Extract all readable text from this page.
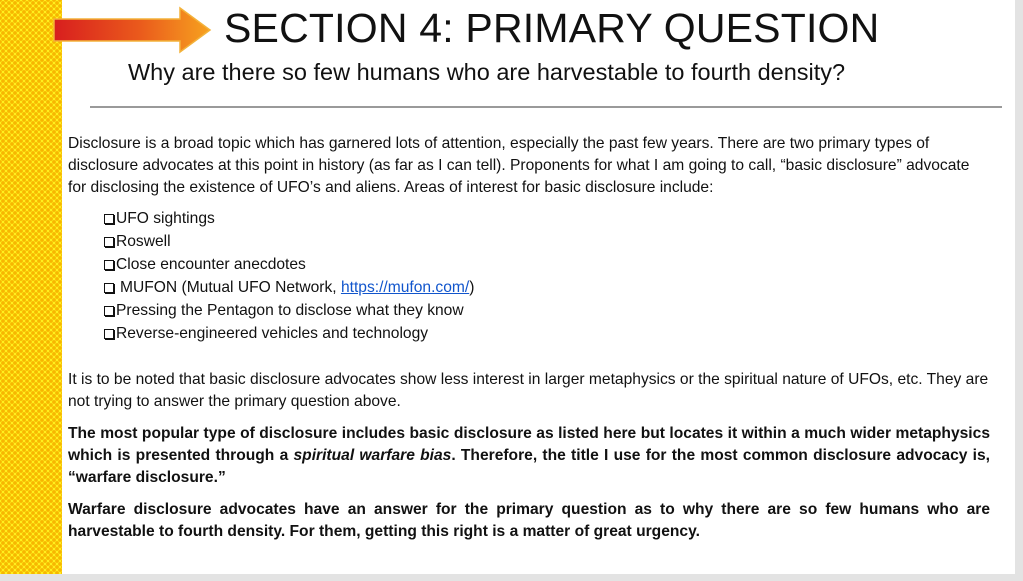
SECTION 4: PRIMARY QUESTION
Why are there so few humans who are harvestable to fourth density?

Disclosure is a broad topic which has garnered lots of attention, especially the past few years. There are two primary types of disclosure advocates at this point in history (as far as I can tell). Proponents for what I am going to call, “basic disclosure” advocate for disclosing the existence of UFO’s and aliens. Areas of interest for basic disclosure include:

UFO sightings
Roswell
Close encounter anecdotes
MUFON (Mutual UFO Network, https://mufon.com/)
Pressing the Pentagon to disclose what they know
Reverse-engineered vehicles and technology

It is to be noted that basic disclosure advocates show less interest in larger metaphysics or the spiritual nature of UFOs, etc. They are not trying to answer the primary question above.

The most popular type of disclosure includes basic disclosure as listed here but locates it within a much wider metaphysics which is presented through a spiritual warfare bias. Therefore, the title I use for the most common disclosure advocacy is, “warfare disclosure.”

Warfare disclosure advocates have an answer for the primary question as to why there are so few humans who are harvestable to fourth density. For them, getting this right is a matter of great urgency.
